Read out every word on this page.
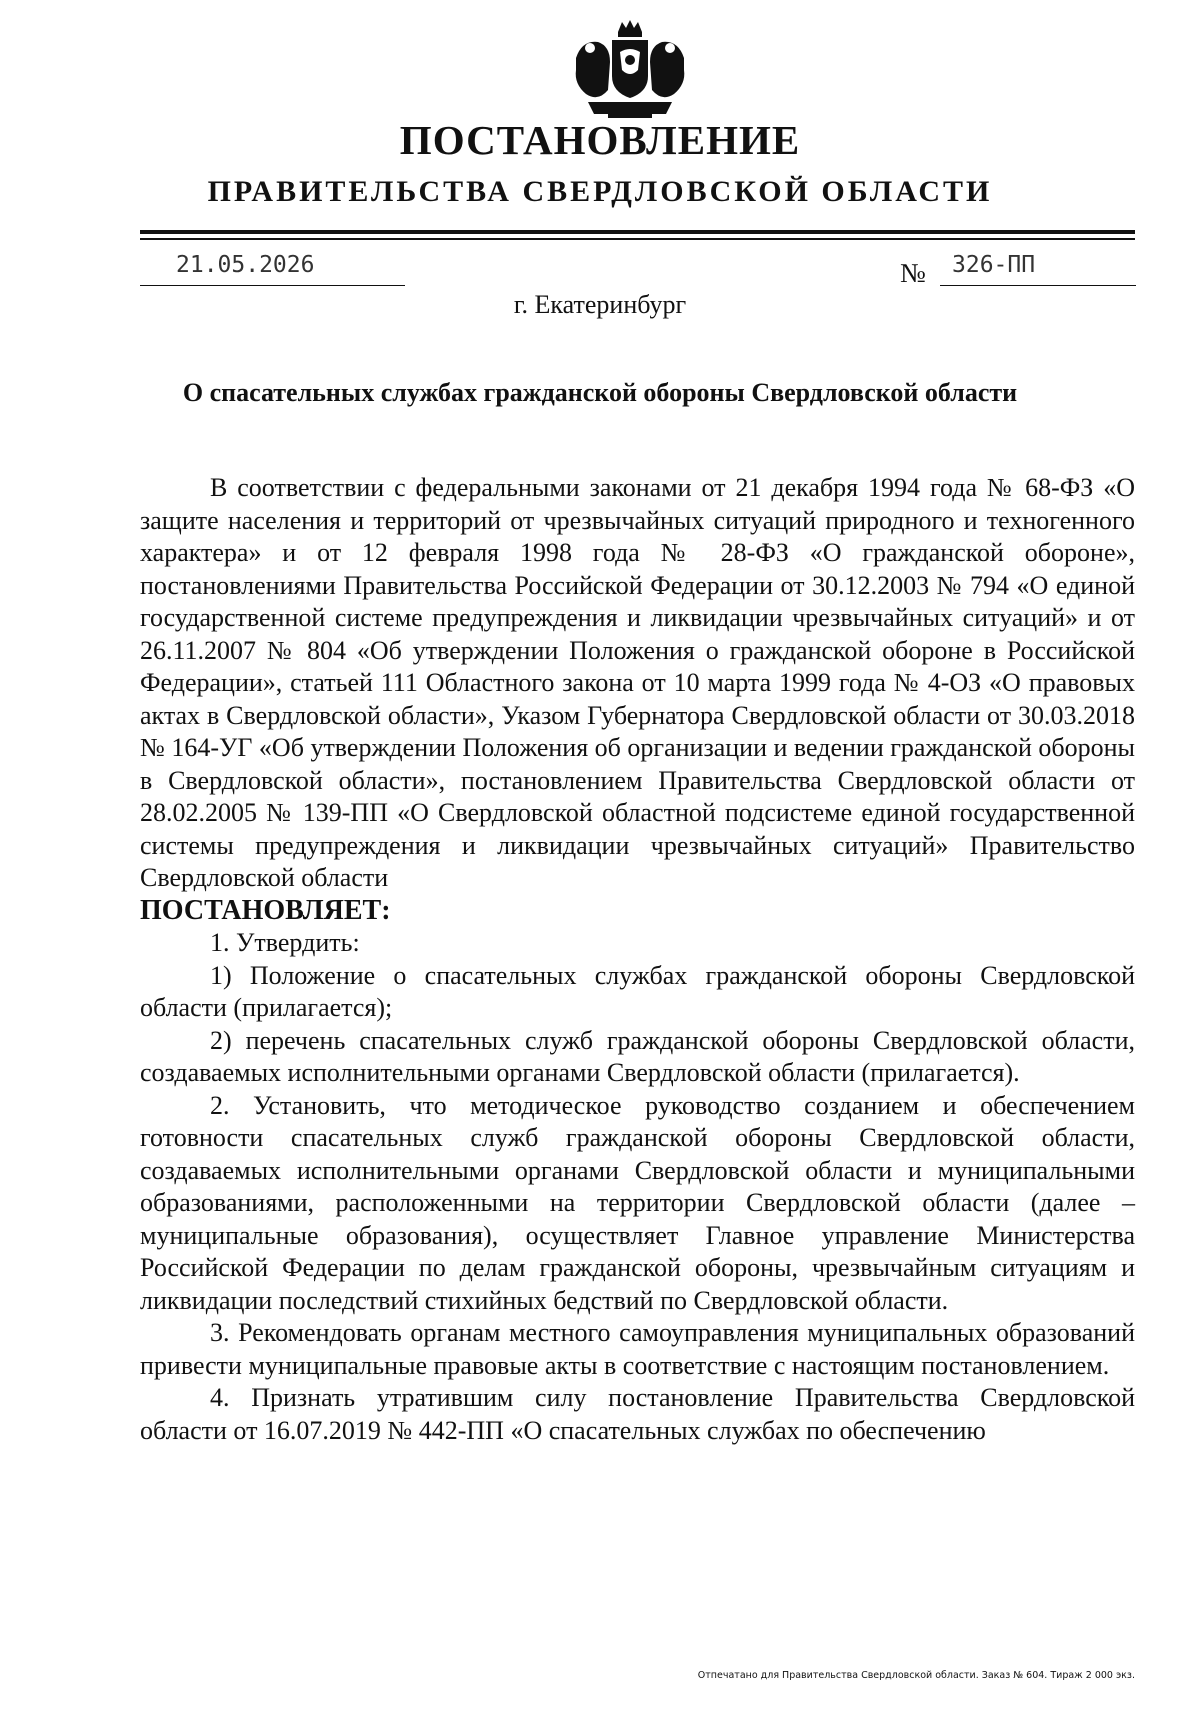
ПОСТАНОВЛЕНИЕ
ПРАВИТЕЛЬСТВА СВЕРДЛОВСКОЙ ОБЛАСТИ
21.05.2026	№	326-ПП
г. Екатеринбург
О спасательных службах гражданской обороны Свердловской области

В соответствии с федеральными законами от 21 декабря 1994 года № 68-ФЗ «О защите населения и территорий от чрезвычайных ситуаций природного и техногенного характера» и от 12 февраля 1998 года № 28-ФЗ «О гражданской обороне», постановлениями Правительства Российской Федерации от 30.12.2003 № 794 «О единой государственной системе предупреждения и ликвидации чрезвычайных ситуаций» и от 26.11.2007 № 804 «Об утверждении Положения о гражданской обороне в Российской Федерации», статьей 111 Областного закона от 10 марта 1999 года № 4-ОЗ «О правовых актах в Свердловской области», Указом Губернатора Свердловской области от 30.03.2018 № 164-УГ «Об утверждении Положения об организации и ведении гражданской обороны в Свердловской области», постановлением Правительства Свердловской области от 28.02.2005 № 139-ПП «О Свердловской областной подсистеме единой государственной системы предупреждения и ликвидации чрезвычайных ситуаций» Правительство Свердловской области

ПОСТАНОВЛЯЕТ:

1. Утвердить:

1) Положение о спасательных службах гражданской обороны Свердловской области (прилагается);

2) перечень спасательных служб гражданской обороны Свердловской области, создаваемых исполнительными органами Свердловской области (прилагается).

2. Установить, что методическое руководство созданием и обеспечением готовности спасательных служб гражданской обороны Свердловской области, создаваемых исполнительными органами Свердловской области и муниципальными образованиями, расположенными на территории Свердловской области (далее – муниципальные образования), осуществляет Главное управление Министерства Российской Федерации по делам гражданской обороны, чрезвычайным ситуациям и ликвидации последствий стихийных бедствий по Свердловской области.

3. Рекомендовать органам местного самоуправления муниципальных образований привести муниципальные правовые акты в соответствие с настоящим постановлением.

4. Признать утратившим силу постановление Правительства Свердловской области от 16.07.2019 № 442-ПП «О спасательных службах по обеспечению

Отпечатано для Правительства Свердловской области. Заказ № 604. Тираж 2 000 экз.
